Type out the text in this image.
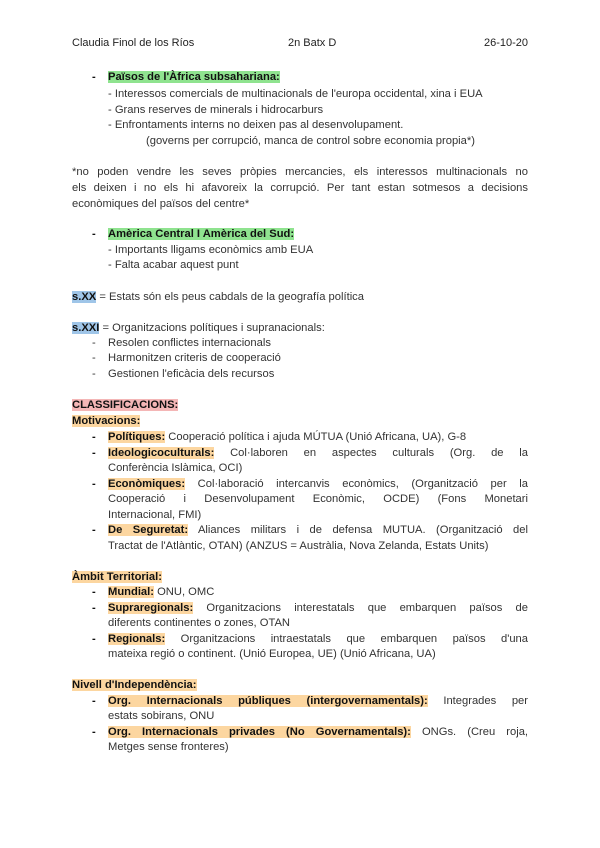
Claudia Finol de los Ríos	2n Batx D	26-10-20
- Països de l'Àfrica subsahariana:
- Interessos comercials de multinacionals de l'europa occidental, xina i EUA
- Grans reserves de minerals i hidrocarburs
- Enfrontaments interns no deixen pas al desenvolupament.
(governs per corrupció, manca de control sobre economia propia*)
*no poden vendre les seves pròpies mercancies, els interessos multinacionals no
els deixen i no els hi afavoreix la corrupció. Per tant estan sotmesos a decisions
econòmiques del països del centre*
- Amèrica Central I Amèrica del Sud:
- Importants lligams econòmics amb EUA
- Falta acabar aquest punt
s.XX = Estats són els peus cabdals de la geografía política
s.XXI = Organitzacions polítiques i supranacionals:
- Resolen conflictes internacionals
- Harmonitzen criteris de cooperació
- Gestionen l'eficàcia dels recursos
CLASSIFICACIONS:
Motivacions:
- Polítiques: Cooperació política i ajuda MÚTUA (Unió Africana, UA), G-8
- Ideologicoculturals: Col·laboren en aspectes culturals (Org. de la
Conferència Islàmica, OCI)
- Econòmiques: Col·laboració intercanvis econòmics, (Organització per la
Cooperació i Desenvolupament Econòmic, OCDE) (Fons Monetari
Internacional, FMI)
- De Seguretat: Aliances militars i de defensa MUTUA. (Organització del
Tractat de l'Atlàntic, OTAN) (ANZUS = Austràlia, Nova Zelanda, Estats Units)
Àmbit Territorial:
- Mundial: ONU, OMC
- Supraregionals: Organitzacions interestatals que embarquen països de
diferents continentes o zones, OTAN
- Regionals: Organitzacions intraestatals que embarquen països d'una
mateixa regió o continent. (Unió Europea, UE) (Unió Africana, UA)
Nivell d'Independència:
- Org. Internacionals públiques (intergovernamentals): Integrades per
estats sobirans, ONU
- Org. Internacionals privades (No Governamentals): ONGs. (Creu roja,
Metges sense fronteres)
